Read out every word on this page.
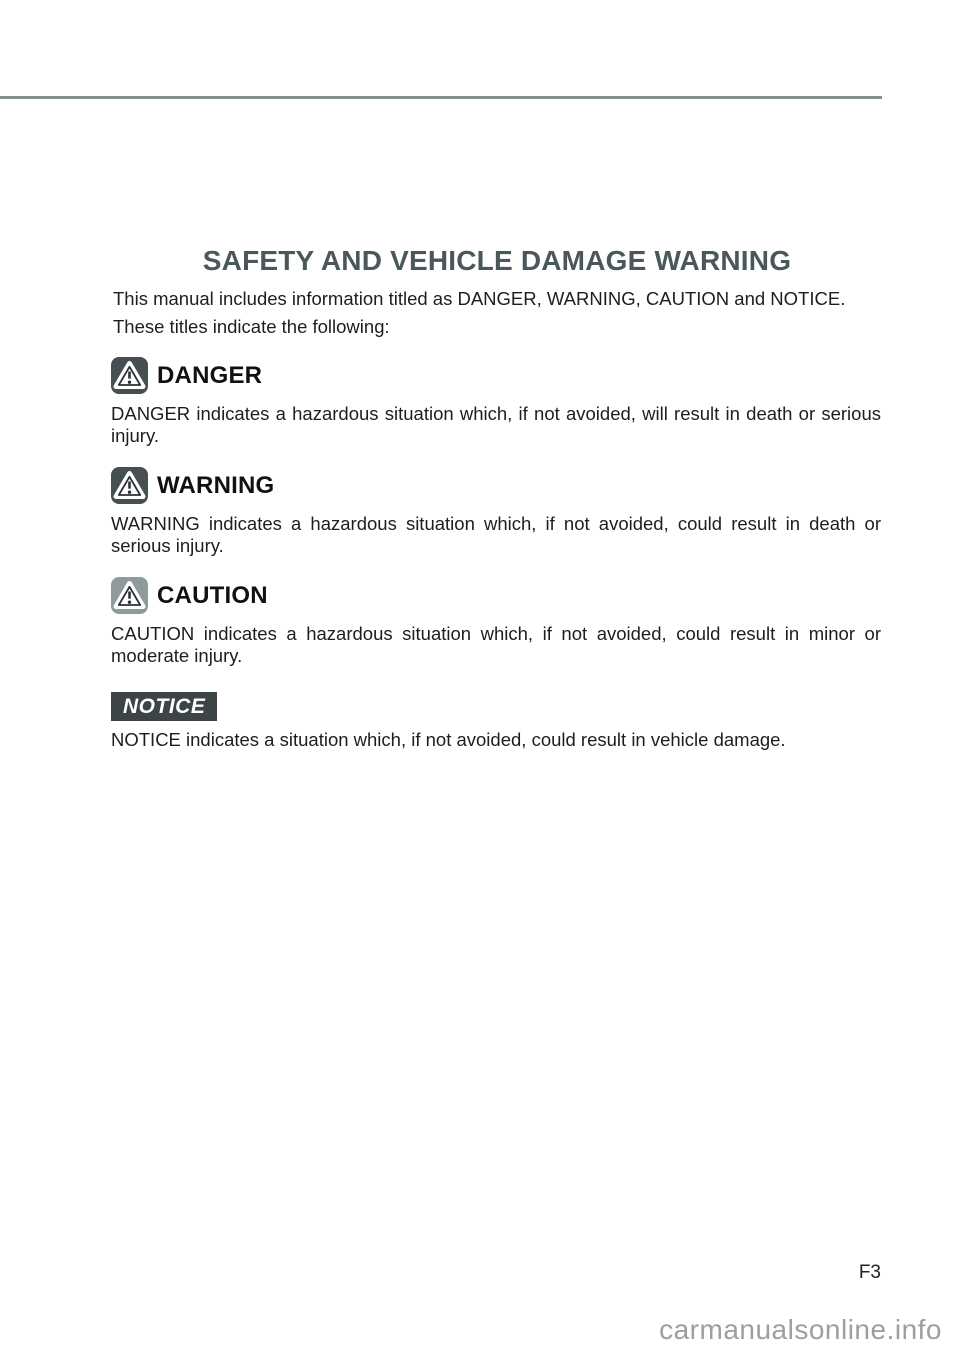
SAFETY AND VEHICLE DAMAGE WARNING
This manual includes information titled as DANGER, WARNING, CAUTION and NOTICE.
These titles indicate the following:
DANGER
DANGER indicates a hazardous situation which, if not avoided, will result in death or serious injury.
WARNING
WARNING indicates a hazardous situation which, if not avoided, could result in death or serious injury.
CAUTION
CAUTION indicates a hazardous situation which, if not avoided, could result in minor or moderate injury.
NOTICE
NOTICE indicates a situation which, if not avoided, could result in vehicle damage.
F3
carmanualsonline.info
